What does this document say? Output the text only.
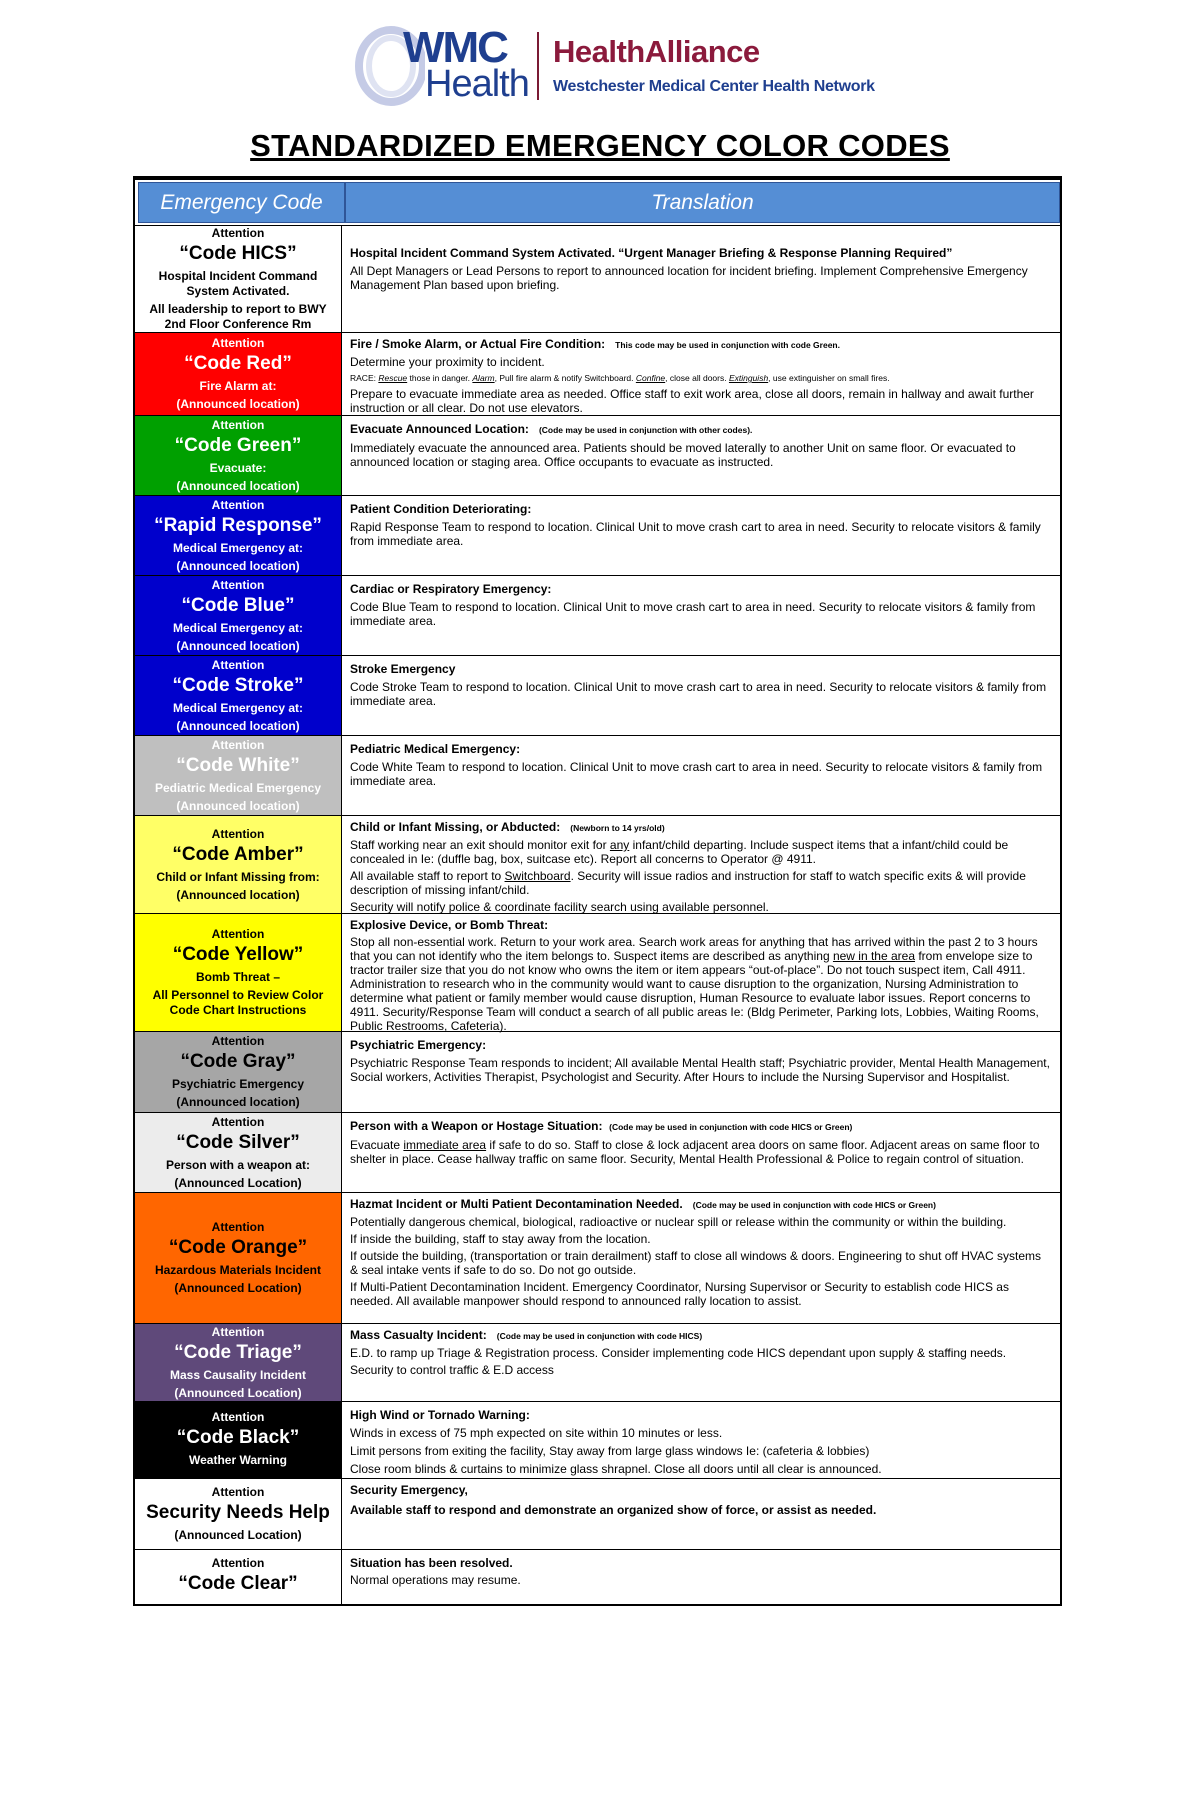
WMC
Health
HealthAlliance
Westchester Medical Center Health Network
STANDARDIZED EMERGENCY COLOR CODES
Emergency Code	Translation
Attention
“Code HICS”
Hospital Incident Command System Activated.
All leadership to report to BWY 2nd Floor Conference Rm

Hospital Incident Command System Activated. “Urgent Manager Briefing & Response Planning Required”

All Dept Managers or Lead Persons to report to announced location for incident briefing. Implement Comprehensive Emergency Management Plan based upon briefing.

Attention
“Code Red”
Fire Alarm at:
(Announced location)

Fire / Smoke Alarm, or Actual Fire Condition: This code may be used in conjunction with code Green.

Determine your proximity to incident.

RACE: Rescue those in danger. Alarm, Pull fire alarm & notify Switchboard. Confine, close all doors. Extinguish, use extinguisher on small fires.

Prepare to evacuate immediate area as needed. Office staff to exit work area, close all doors, remain in hallway and await further instruction or all clear. Do not use elevators.

Attention
“Code Green”
Evacuate:
(Announced location)

Evacuate Announced Location: (Code may be used in conjunction with other codes).

Immediately evacuate the announced area. Patients should be moved laterally to another Unit on same floor. Or evacuated to announced location or staging area. Office occupants to evacuate as instructed.

Attention
“Rapid Response”
Medical Emergency at:
(Announced location)

Patient Condition Deteriorating:

Rapid Response Team to respond to location. Clinical Unit to move crash cart to area in need. Security to relocate visitors & family from immediate area.

Attention
“Code Blue”
Medical Emergency at:
(Announced location)

Cardiac or Respiratory Emergency:

Code Blue Team to respond to location. Clinical Unit to move crash cart to area in need. Security to relocate visitors & family from immediate area.

Attention
“Code Stroke”
Medical Emergency at:
(Announced location)

Stroke Emergency

Code Stroke Team to respond to location. Clinical Unit to move crash cart to area in need. Security to relocate visitors & family from immediate area.

Attention
“Code White”
Pediatric Medical Emergency
(Announced location)

Pediatric Medical Emergency:

Code White Team to respond to location. Clinical Unit to move crash cart to area in need. Security to relocate visitors & family from immediate area.

Attention
“Code Amber”
Child or Infant Missing from:
(Announced location)

Child or Infant Missing, or Abducted: (Newborn to 14 yrs/old)

Staff working near an exit should monitor exit for any infant/child departing. Include suspect items that a infant/child could be concealed in Ie: (duffle bag, box, suitcase etc). Report all concerns to Operator @ 4911.

All available staff to report to Switchboard. Security will issue radios and instruction for staff to watch specific exits & will provide description of missing infant/child.

Security will notify police & coordinate facility search using available personnel.

Attention
“Code Yellow”
Bomb Threat –
All Personnel to Review Color Code Chart Instructions

Explosive Device, or Bomb Threat:

Stop all non-essential work. Return to your work area. Search work areas for anything that has arrived within the past 2 to 3 hours that you can not identify who the item belongs to. Suspect items are described as anything new in the area from envelope size to tractor trailer size that you do not know who owns the item or item appears “out-of-place”. Do not touch suspect item, Call 4911. Administration to research who in the community would want to cause disruption to the organization, Nursing Administration to determine what patient or family member would cause disruption, Human Resource to evaluate labor issues. Report concerns to 4911. Security/Response Team will conduct a search of all public areas Ie: (Bldg Perimeter, Parking lots, Lobbies, Waiting Rooms, Public Restrooms, Cafeteria).

Attention
“Code Gray”
Psychiatric Emergency
(Announced location)

Psychiatric Emergency:

Psychiatric Response Team responds to incident; All available Mental Health staff; Psychiatric provider, Mental Health Management, Social workers, Activities Therapist, Psychologist and Security. After Hours to include the Nursing Supervisor and Hospitalist.

Attention
“Code Silver”
Person with a weapon at:
(Announced Location)

Person with a Weapon or Hostage Situation: (Code may be used in conjunction with code HICS or Green)

Evacuate immediate area if safe to do so. Staff to close & lock adjacent area doors on same floor. Adjacent areas on same floor to shelter in place. Cease hallway traffic on same floor. Security, Mental Health Professional & Police to regain control of situation.

Attention
“Code Orange”
Hazardous Materials Incident
(Announced Location)

Hazmat Incident or Multi Patient Decontamination Needed. (Code may be used in conjunction with code HICS or Green)

Potentially dangerous chemical, biological, radioactive or nuclear spill or release within the community or within the building.

If inside the building, staff to stay away from the location.

If outside the building, (transportation or train derailment) staff to close all windows & doors. Engineering to shut off HVAC systems & seal intake vents if safe to do so. Do not go outside.

If Multi-Patient Decontamination Incident. Emergency Coordinator, Nursing Supervisor or Security to establish code HICS as needed. All available manpower should respond to announced rally location to assist.

Attention
“Code Triage”
Mass Causality Incident
(Announced Location)

Mass Casualty Incident: (Code may be used in conjunction with code HICS)

E.D. to ramp up Triage & Registration process. Consider implementing code HICS dependant upon supply & staffing needs.

Security to control traffic & E.D access

Attention
“Code Black”
Weather Warning

High Wind or Tornado Warning:

Winds in excess of 75 mph expected on site within 10 minutes or less.

Limit persons from exiting the facility, Stay away from large glass windows Ie: (cafeteria & lobbies)

Close room blinds & curtains to minimize glass shrapnel. Close all doors until all clear is announced.

Attention
Security Needs Help
(Announced Location)

Security Emergency,

Available staff to respond and demonstrate an organized show of force, or assist as needed.

Attention
“Code Clear”

Situation has been resolved.

Normal operations may resume.
